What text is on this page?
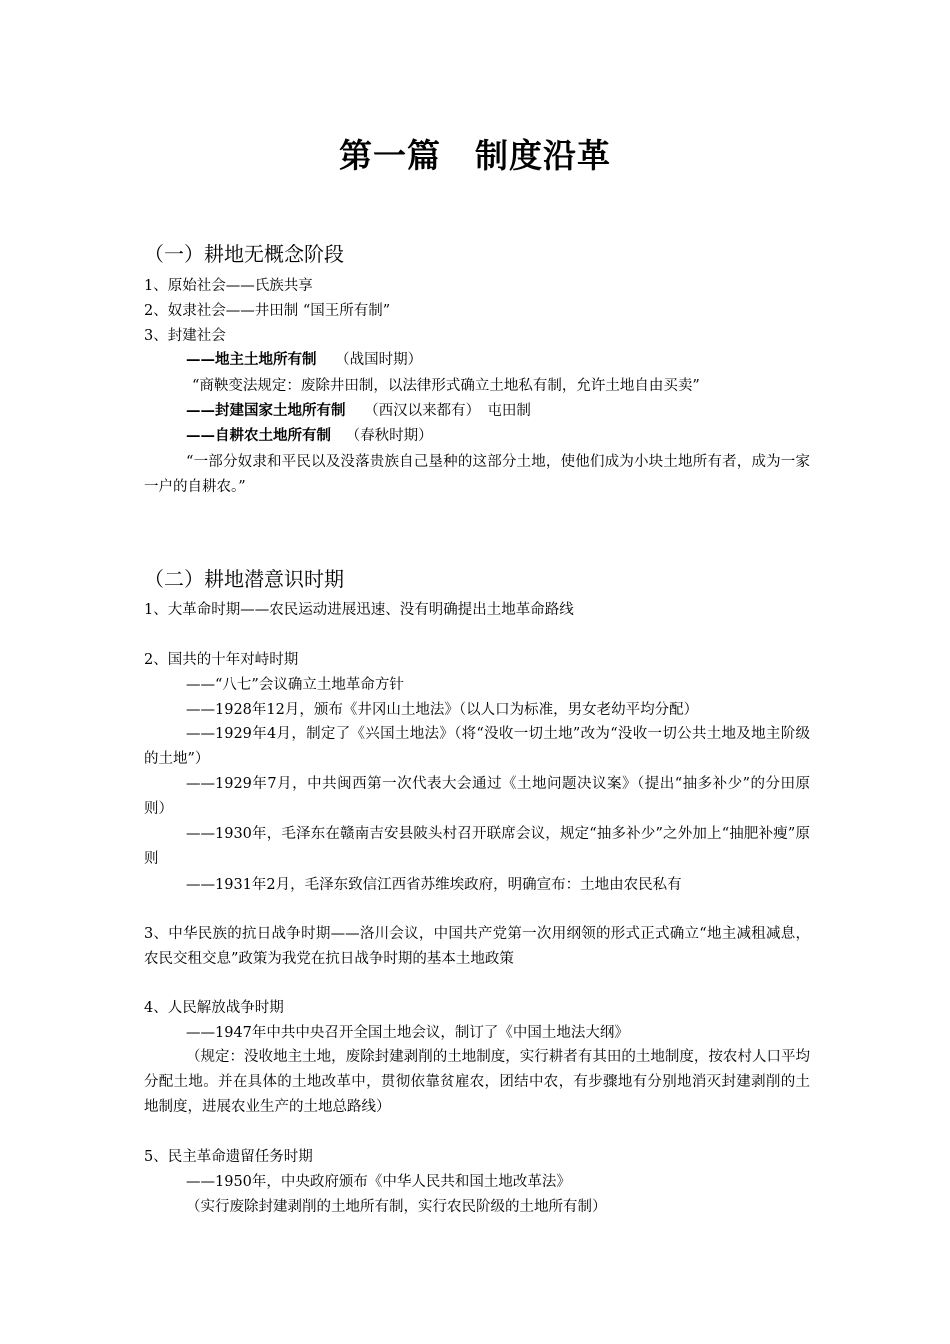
第一篇　制度沿革
（一）耕地无概念阶段
1、原始社会——氏族共享
2、奴隶社会——井田制 “国王所有制”
3、封建社会
——地主土地所有制 （战国时期）
“商鞅变法规定：废除井田制，以法律形式确立土地私有制，允许土地自由买卖”
——封建国家土地所有制 （西汉以来都有）　屯田制
——自耕农土地所有制 （春秋时期）
“一部分奴隶和平民以及没落贵族自己垦种的这部分土地，使他们成为小块土地所有者，成为一家一户的自耕农。”
（二）耕地潜意识时期
1、大革命时期——农民运动进展迅速、没有明确提出土地革命路线
2、国共的十年对峙时期
——“八七”会议确立土地革命方针
——1928年12月，颁布《井冈山土地法》（以人口为标准，男女老幼平均分配）
——1929年4月，制定了《兴国土地法》（将“没收一切土地”改为“没收一切公共土地及地主阶级的土地”）
——1929年7月，中共闽西第一次代表大会通过《土地问题决议案》（提出“抽多补少”的分田原则）
——1930年，毛泽东在赣南吉安县陂头村召开联席会议，规定“抽多补少”之外加上“抽肥补瘦”原则
——1931年2月，毛泽东致信江西省苏维埃政府，明确宣布：土地由农民私有
3、中华民族的抗日战争时期——洛川会议，中国共产党第一次用纲领的形式正式确立“地主减租减息，农民交租交息”政策为我党在抗日战争时期的基本土地政策
4、人民解放战争时期
——1947年中共中央召开全国土地会议，制订了《中国土地法大纲》
（规定：没收地主土地，废除封建剥削的土地制度，实行耕者有其田的土地制度，按农村人口平均分配土地。并在具体的土地改革中，贯彻依靠贫雇农，团结中农，有步骤地有分别地消灭封建剥削的土地制度，进展农业生产的土地总路线）
5、民主革命遗留任务时期
——1950年，中央政府颁布《中华人民共和国土地改革法》
（实行废除封建剥削的土地所有制，实行农民阶级的土地所有制）
